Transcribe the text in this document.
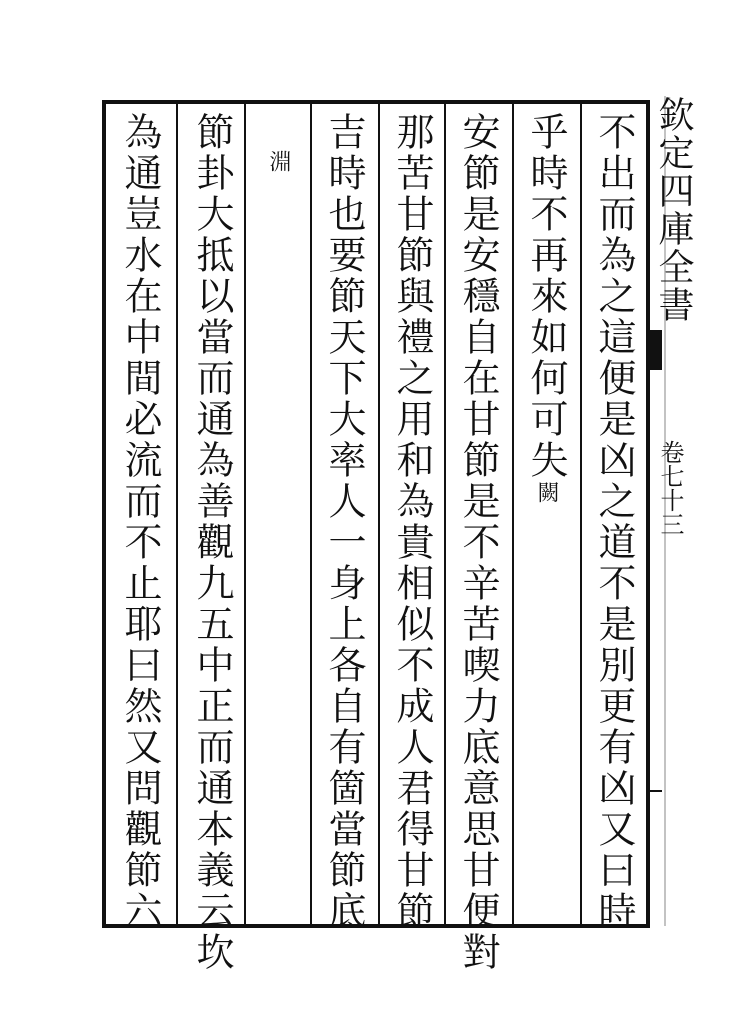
欽定四庫全書
卷七十三
不出而為之這便是凶之道不是別更有凶又曰時
乎時不再來如何可失闕
安節是安穩自在甘節是不辛苦喫力底意思甘便對
那苦甘節與禮之用和為貴相似不成人君得甘節
吉時也要節天下大率人一身上各自有箇當節底
淵
節卦大抵以當而通為善觀九五中正而通本義云坎
為通豈水在中間必流而不止耶曰然又問觀節六
